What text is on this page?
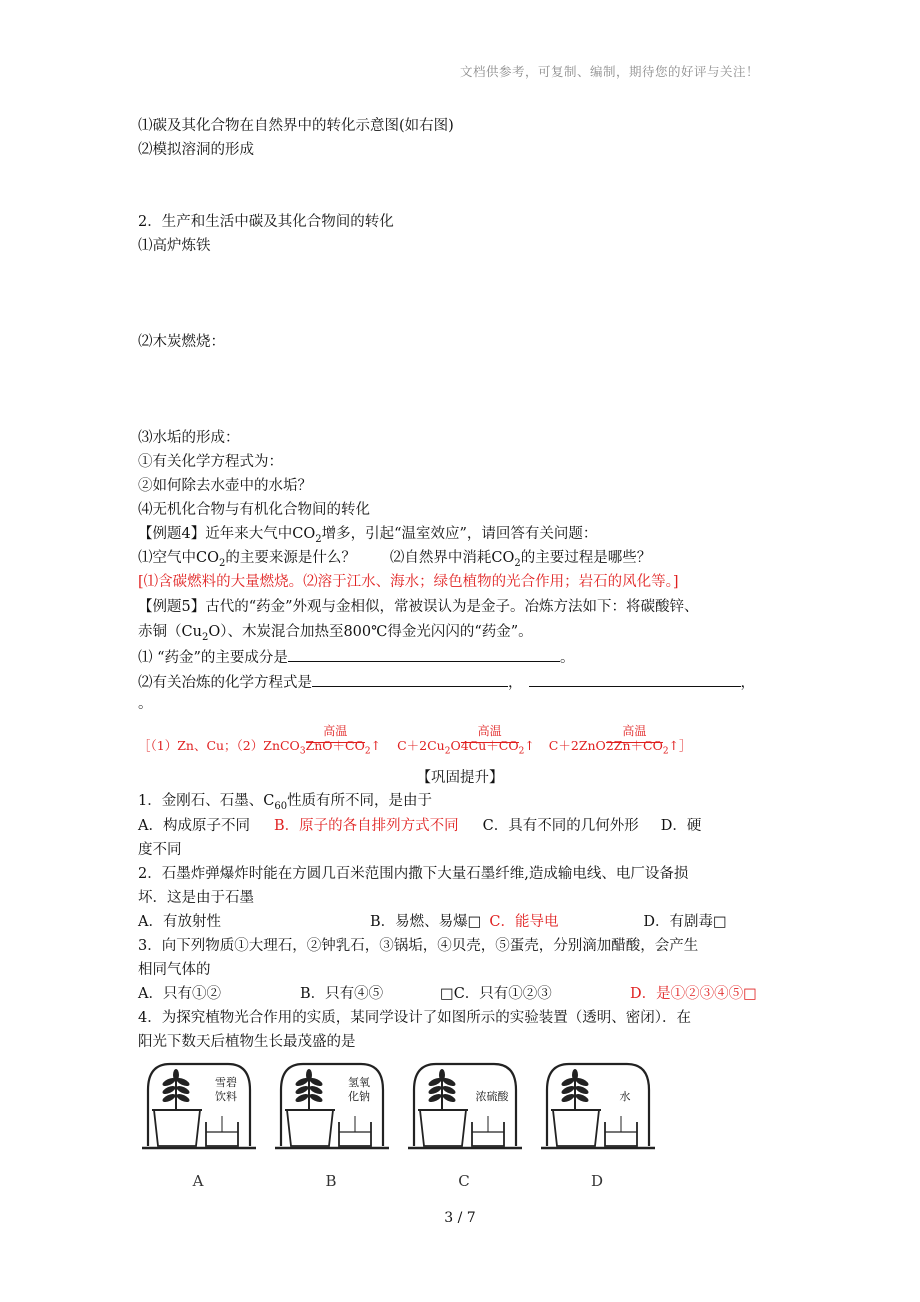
文档供参考，可复制、编制，期待您的好评与关注！
⑴碳及其化合物在自然界中的转化示意图(如右图)
⑵模拟溶洞的形成
2．生产和生活中碳及其化合物间的转化
⑴高炉炼铁
⑵木炭燃烧：
⑶水垢的形成：
①有关化学方程式为：
②如何除去水壶中的水垢？
⑷无机化合物与有机化合物间的转化
【例题4】近年来大气中$CO_2$增多，引起“温室效应”，请回答有关问题：
⑴空气中$CO_2$的主要来源是什么？ ⑵自然界中消耗$CO_2$的主要过程是哪些？
[⑴含碳燃料的大量燃烧。⑵溶于江水、海水；绿色植物的光合作用；岩石的风化等。]
【例题5】古代的“药金”外观与金相似，常被误认为是金子。冶炼方法如下：将碳酸锌、
赤铜$(Cu_2O)$、木炭混合加热至800℃得金光闪闪的“药金”。
⑴ “药金”的主要成分是	。
⑵有关冶炼的化学方程式是	，	，
。
［（1）Zn、Cu；（2）ZnCO$_3$
高温
$ZnO+CO_2↑$ $C+2Cu_2O$
高温
$4Cu+CO_2↑$ C＋2ZnO
高温
$2Zn+CO_2↑]$
【巩固提升】
1．金刚石、石墨、$C_{60}$性质有所不同，是由于
A．构成原子不同 B．原子的各自排列方式不同 C．具有不同的几何外形 D．硬
度不同
2．石墨炸弹爆炸时能在方圆几百米范围内撒下大量石墨纤维,造成输电线、电厂设备损
坏．这是由于石墨
A．有放射性	B．易燃、易爆□ C．能导电	D．有剧毒□
3．向下列物质①大理石，②钟乳石，③锅垢，④贝壳，⑤蛋壳，分别滴加醋酸，会产生
相同气体的
A．只有①②	B．只有④⑤	□C．只有①②③	D．是①②③④⑤□
4．为探究植物光合作用的实质，某同学设计了如图所示的实验装置（透明、密闭）．在
阳光下数天后植物生长最茂盛的是
雪碧
饮料
A
氢氧
化钠
B
浓硫酸
C
水
D
3 / 7
